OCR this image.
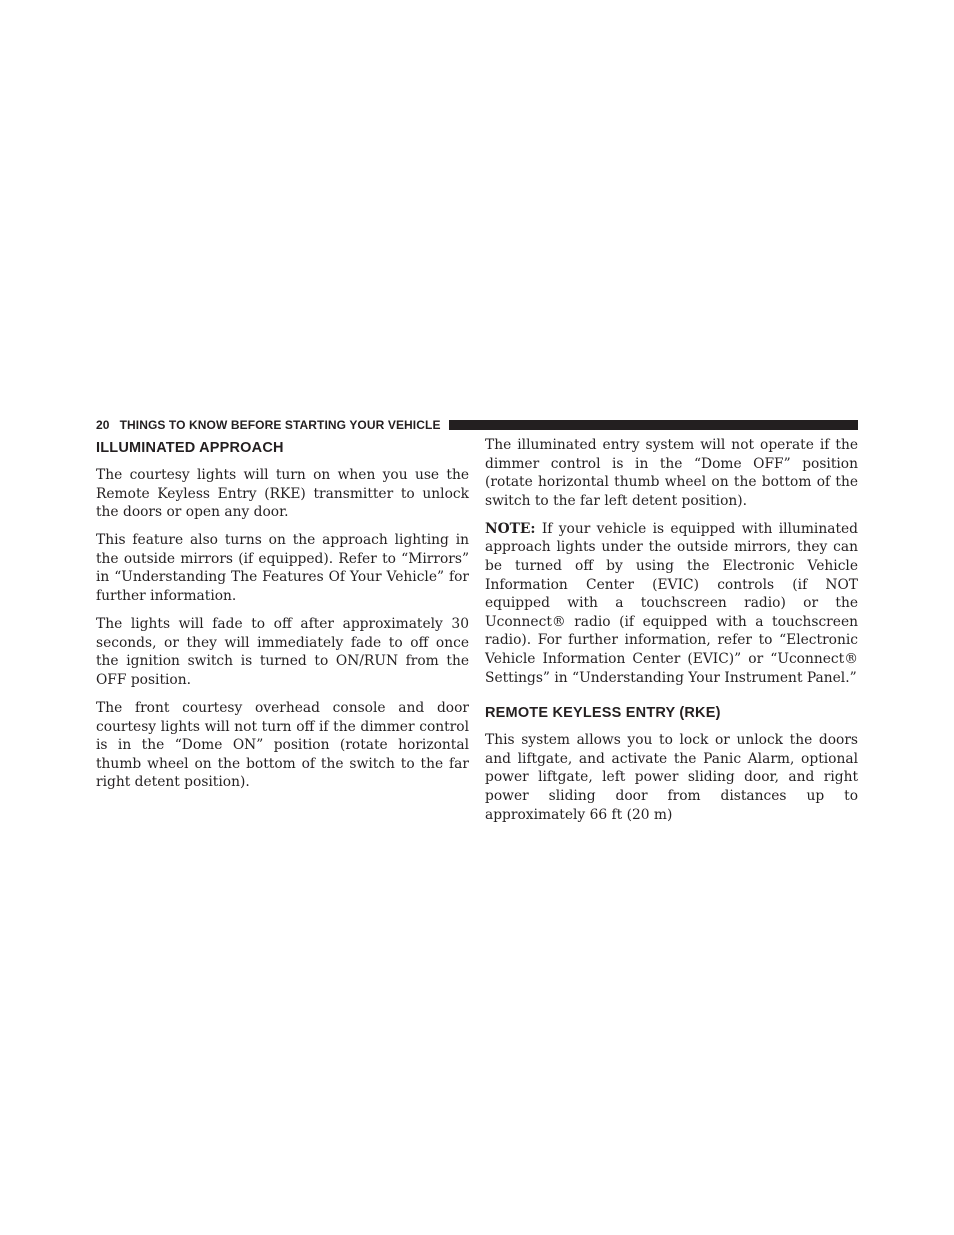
20 THINGS TO KNOW BEFORE STARTING YOUR VEHICLE
ILLUMINATED APPROACH

The courtesy lights will turn on when you use the Remote Keyless Entry (RKE) transmitter to unlock the doors or open any door.

This feature also turns on the approach lighting in the outside mirrors (if equipped). Refer to “Mirrors” in “Understanding The Features Of Your Vehicle” for further information.

The lights will fade to off after approximately 30 seconds, or they will immediately fade to off once the ignition switch is turned to ON/RUN from the OFF position.

The front courtesy overhead console and door courtesy lights will not turn off if the dimmer control is in the “Dome ON” position (rotate horizontal thumb wheel on the bottom of the switch to the far right detent position).

The illuminated entry system will not operate if the dimmer control is in the “Dome OFF” position (rotate horizontal thumb wheel on the bottom of the switch to the far left detent position).

NOTE: If your vehicle is equipped with illuminated approach lights under the outside mirrors, they can be turned off by using the Electronic Vehicle Information Center (EVIC) controls (if NOT equipped with a touchscreen radio) or the Uconnect® radio (if equipped with a touchscreen radio). For further information, refer to “Electronic Vehicle Information Center (EVIC)” or “Uconnect® Settings” in “Understanding Your Instrument Panel.”

REMOTE KEYLESS ENTRY (RKE)

This system allows you to lock or unlock the doors and liftgate, and activate the Panic Alarm, optional power liftgate, left power sliding door, and right power sliding door from distances up to approximately 66 ft (20 m)
